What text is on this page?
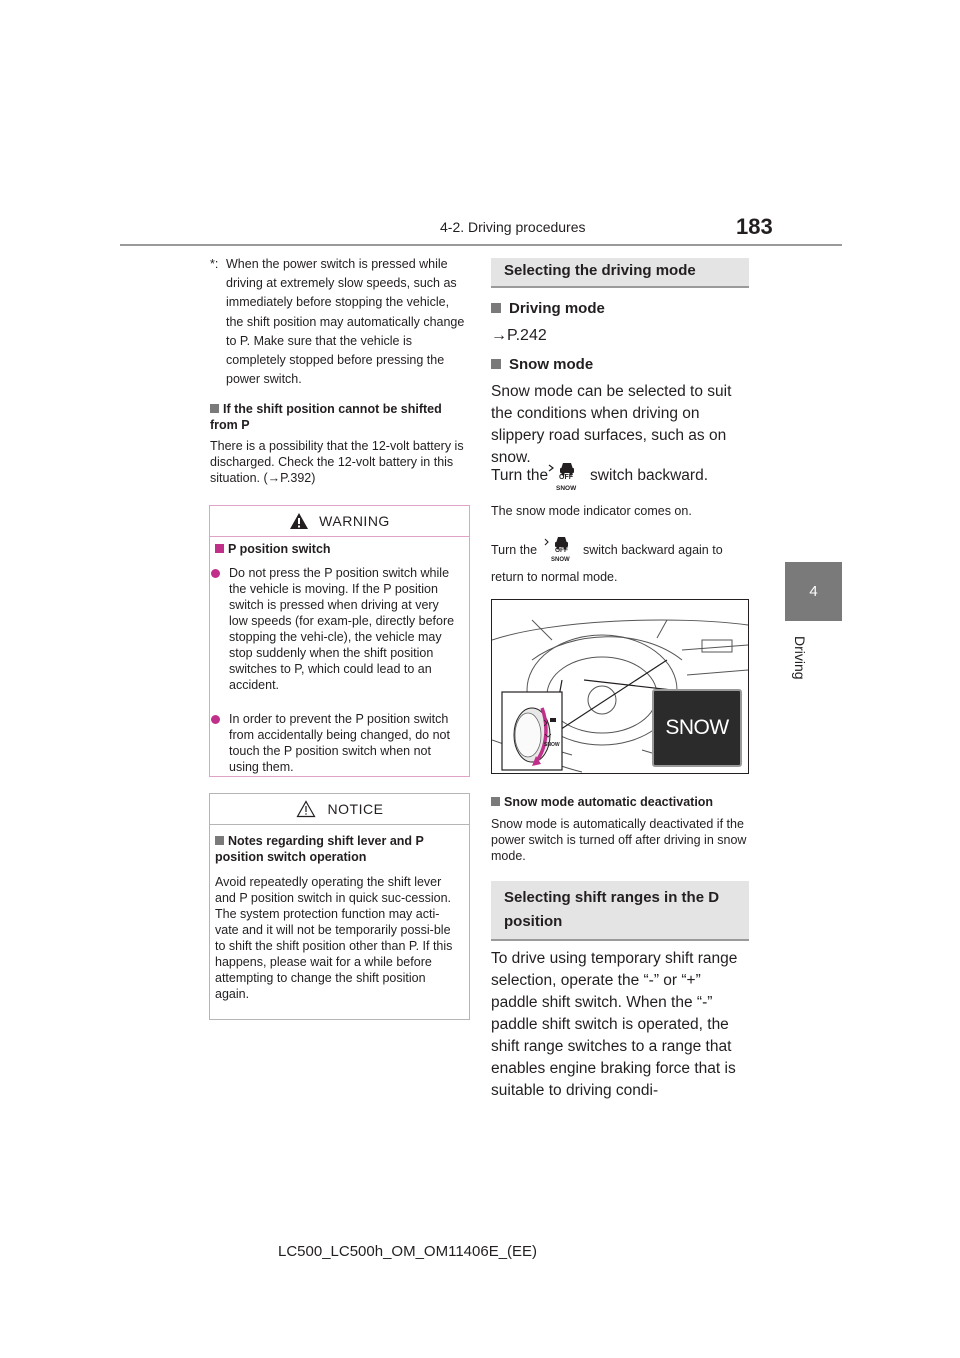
4-2. Driving procedures	183
4
Driving
*: When the power switch is pressed while driving at extremely slow speeds, such as immediately before stopping the vehicle, the shift position may automatically change to P. Make sure that the vehicle is completely stopped before pressing the power switch.
If the shift position cannot be shifted from P
There is a possibility that the 12-volt battery is discharged. Check the 12-volt battery in this situation. (→P.392)
WARNING
P position switch
Do not press the P position switch while the vehicle is moving. If the P position switch is pressed when driving at very low speeds (for exam-ple, directly before stopping the vehi-cle), the vehicle may stop suddenly when the shift position switches to P, which could lead to an accident.
In order to prevent the P position switch from accidentally being changed, do not touch the P position switch when not using them.
NOTICE
Notes regarding shift lever and P position switch operation
Avoid repeatedly operating the shift lever and P position switch in quick suc-cession. The system protection function may acti-vate and it will not be temporarily possi-ble to shift the shift position other than P. If this happens, please wait for a while before attempting to change the shift position again.
Selecting the driving mode
Driving mode
→P.242
Snow mode
Snow mode can be selected to suit the conditions when driving on slippery road surfaces, such as on snow.
Turn the OFF
SNOW
switch backward.
The snow mode indicator comes on.
Turn the	OFF
SNOW
switch backward again to
return to normal mode.
SNOW
SNOW
Snow mode automatic deactivation
Snow mode is automatically deactivated if the power switch is turned off after driving in snow mode.
Selecting shift ranges in the D position
To drive using temporary shift range selection, operate the “-” or “+” paddle shift switch. When the “-” paddle shift switch is operated, the shift range switches to a range that enables engine braking force that is suitable to driving condi-
LC500_LC500h_OM_OM11406E_(EE)
